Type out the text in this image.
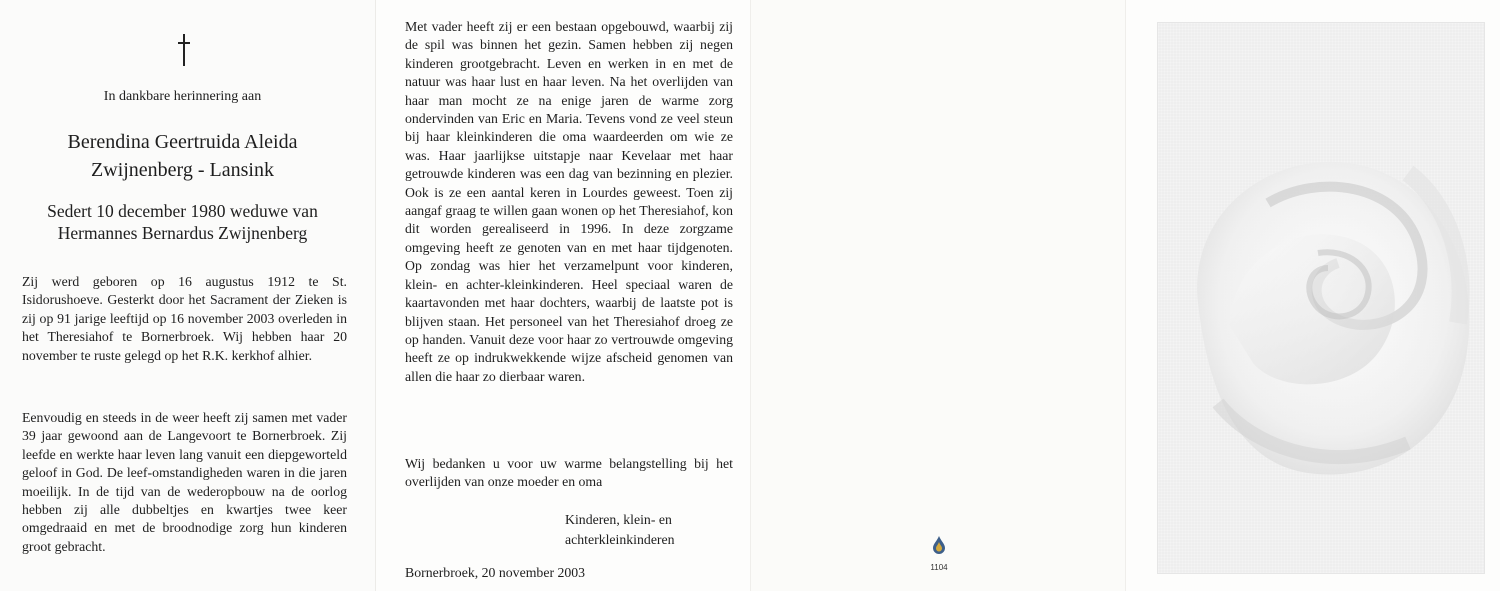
In dankbare herinnering aan
Berendina Geertruida Aleida
Zwijnenberg - Lansink
Sedert 10 december 1980 weduwe van
Hermannes Bernardus Zwijnenberg

Zij werd geboren op 16 augustus 1912 te St. Isidorushoeve. Gesterkt door het Sacrament der Zieken is zij op 91 jarige leeftijd op 16 november 2003 overleden in het Theresiahof te Bornerbroek. Wij hebben haar 20 november te ruste gelegd op het R.K. kerkhof alhier.

Eenvoudig en steeds in de weer heeft zij samen met vader 39 jaar gewoond aan de Langevoort te Bornerbroek. Zij leefde en werkte haar leven lang vanuit een diepgeworteld geloof in God. De leef-omstandigheden waren in die jaren moeilijk. In de tijd van de wederopbouw na de oorlog hebben zij alle dubbeltjes en kwartjes twee keer omgedraaid en met de broodnodige zorg hun kinderen groot gebracht.

Met vader heeft zij er een bestaan opgebouwd, waarbij zij de spil was binnen het gezin. Samen hebben zij negen kinderen grootgebracht. Leven en werken in en met de natuur was haar lust en haar leven. Na het overlijden van haar man mocht ze na enige jaren de warme zorg ondervinden van Eric en Maria. Tevens vond ze veel steun bij haar kleinkinderen die oma waardeerden om wie ze was. Haar jaarlijkse uitstapje naar Kevelaar met haar getrouwde kinderen was een dag van bezinning en plezier. Ook is ze een aantal keren in Lourdes geweest. Toen zij aangaf graag te willen gaan wonen op het Theresiahof, kon dit worden gerealiseerd in 1996. In deze zorgzame omgeving heeft ze genoten van en met haar tijdgenoten. Op zondag was hier het verzamelpunt voor kinderen, klein- en achter-kleinkinderen. Heel speciaal waren de kaartavonden met haar dochters, waarbij de laatste pot is blijven staan. Het personeel van het Theresiahof droeg ze op handen. Vanuit deze voor haar zo vertrouwde omgeving heeft ze op indrukwekkende wijze afscheid genomen van allen die haar zo dierbaar waren.

Wij bedanken u voor uw warme belangstelling bij het overlijden van onze moeder en oma

Kinderen, klein- en
achterkleinkinderen
Bornerbroek, 20 november 2003	1104
